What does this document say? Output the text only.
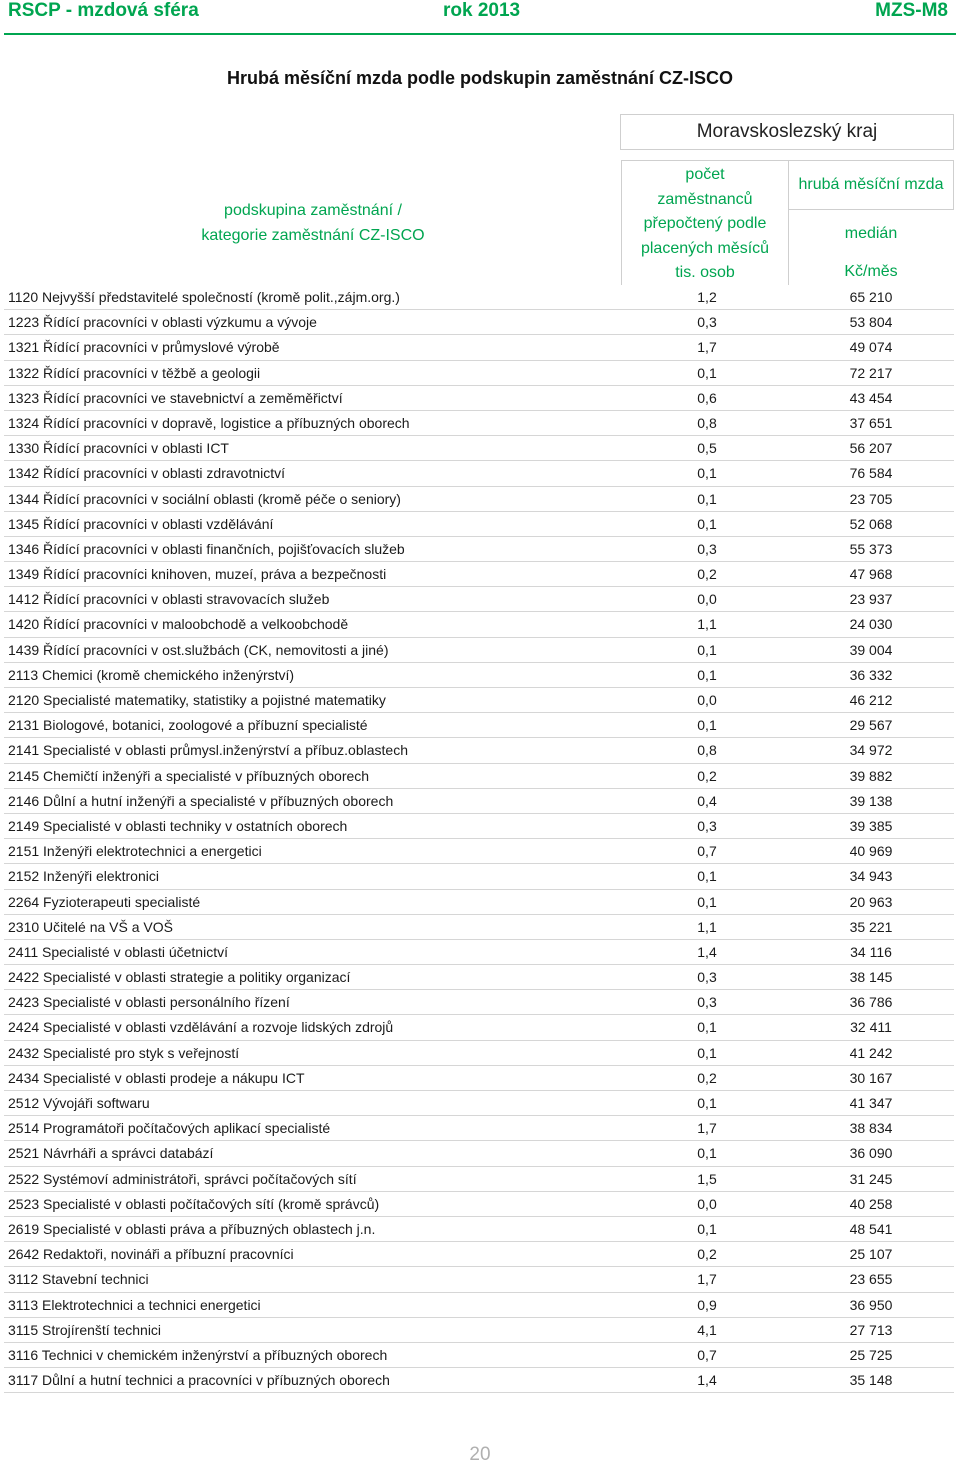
RSCP - mzdová sféra	rok 2013	MZS-M8
Hrubá měsíční mzda podle podskupin zaměstnání CZ-ISCO
Moravskoslezský kraj
podskupina zaměstnání /
kategorie zaměstnání CZ-ISCO
počet
zaměstnanců
přepočtený podle
placených měsíců
tis. osob
hrubá měsíční mzda
medián
Kč/měs
1120 Nejvyšší představitelé společností (kromě polit.,zájm.org.)	1,2	65 210
1223 Řídící pracovníci v oblasti výzkumu a vývoje	0,3	53 804
1321 Řídící pracovníci v průmyslové výrobě	1,7	49 074
1322 Řídící pracovníci v těžbě a geologii	0,1	72 217
1323 Řídící pracovníci ve stavebnictví a zeměměřictví	0,6	43 454
1324 Řídící pracovníci v dopravě, logistice a příbuzných oborech	0,8	37 651
1330 Řídící pracovníci v oblasti ICT	0,5	56 207
1342 Řídící pracovníci v oblasti zdravotnictví	0,1	76 584
1344 Řídící pracovníci v sociální oblasti (kromě péče o seniory)	0,1	23 705
1345 Řídící pracovníci v oblasti vzdělávání	0,1	52 068
1346 Řídící pracovníci v oblasti finančních, pojišťovacích služeb	0,3	55 373
1349 Řídící pracovníci knihoven, muzeí, práva a bezpečnosti	0,2	47 968
1412 Řídící pracovníci v oblasti stravovacích služeb	0,0	23 937
1420 Řídící pracovníci v maloobchodě a velkoobchodě	1,1	24 030
1439 Řídící pracovníci v ost.službách (CK, nemovitosti a jiné)	0,1	39 004
2113 Chemici (kromě chemického inženýrství)	0,1	36 332
2120 Specialisté matematiky, statistiky a pojistné matematiky	0,0	46 212
2131 Biologové, botanici, zoologové a příbuzní specialisté	0,1	29 567
2141 Specialisté v oblasti průmysl.inženýrství a příbuz.oblastech	0,8	34 972
2145 Chemičtí inženýři a specialisté v příbuzných oborech	0,2	39 882
2146 Důlní a hutní inženýři a specialisté v příbuzných oborech	0,4	39 138
2149 Specialisté v oblasti techniky v ostatních oborech	0,3	39 385
2151 Inženýři elektrotechnici a energetici	0,7	40 969
2152 Inženýři elektronici	0,1	34 943
2264 Fyzioterapeuti specialisté	0,1	20 963
2310 Učitelé na VŠ a VOŠ	1,1	35 221
2411 Specialisté v oblasti účetnictví	1,4	34 116
2422 Specialisté v oblasti strategie a politiky organizací	0,3	38 145
2423 Specialisté v oblasti personálního řízení	0,3	36 786
2424 Specialisté v oblasti vzdělávání a rozvoje lidských zdrojů	0,1	32 411
2432 Specialisté pro styk s veřejností	0,1	41 242
2434 Specialisté v oblasti prodeje a nákupu ICT	0,2	30 167
2512 Vývojáři softwaru	0,1	41 347
2514 Programátoři počítačových aplikací specialisté	1,7	38 834
2521 Návrháři a správci databází	0,1	36 090
2522 Systémoví administrátoři, správci počítačových sítí	1,5	31 245
2523 Specialisté v oblasti počítačových sítí (kromě správců)	0,0	40 258
2619 Specialisté v oblasti práva a příbuzných oblastech j.n.	0,1	48 541
2642 Redaktoři, novináři a příbuzní pracovníci	0,2	25 107
3112 Stavební technici	1,7	23 655
3113 Elektrotechnici a technici energetici	0,9	36 950
3115 Strojírenští technici	4,1	27 713
3116 Technici v chemickém inženýrství a příbuzných oborech	0,7	25 725
3117 Důlní a hutní technici a pracovníci v příbuzných oborech	1,4	35 148
20
